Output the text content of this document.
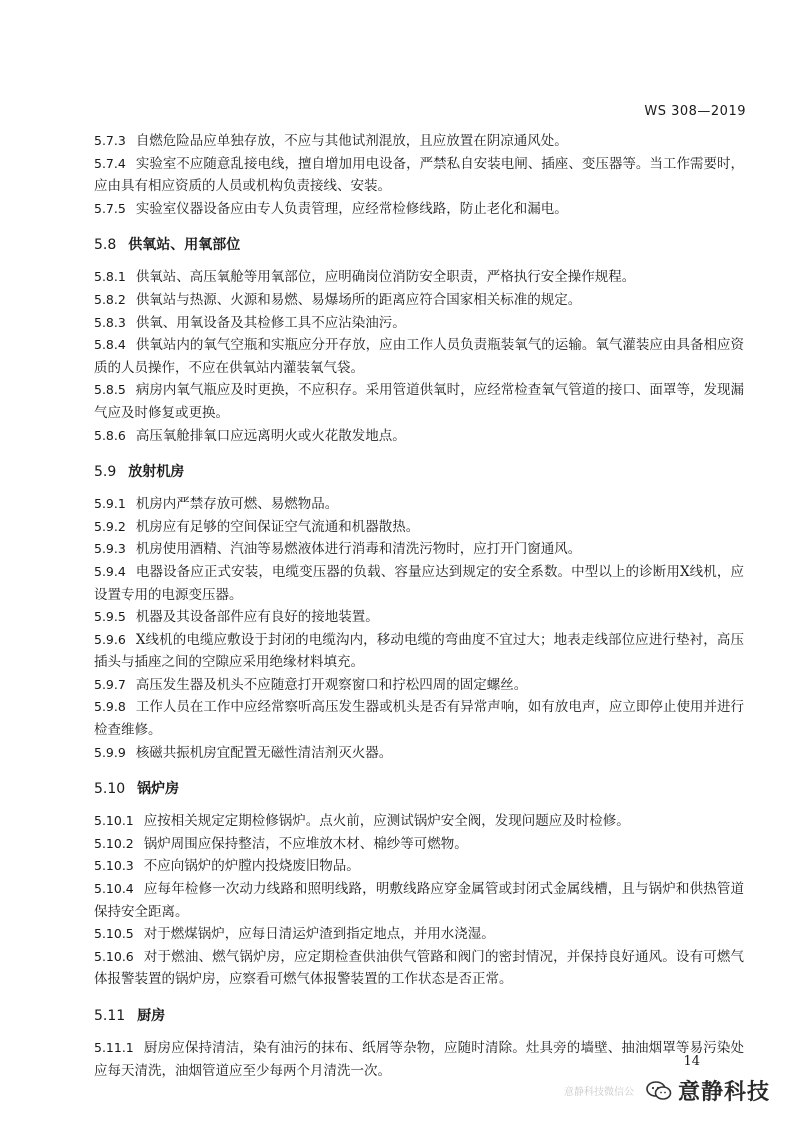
WS 308—2019

5.7.3 自燃危险品应单独存放，不应与其他试剂混放，且应放置在阴凉通风处。

5.7.4 实验室不应随意乱接电线，擅自增加用电设备，严禁私自安装电闸、插座、变压器等。当工作需要时，应由具有相应资质的人员或机构负责接线、安装。

5.7.5 实验室仪器设备应由专人负责管理，应经常检修线路，防止老化和漏电。

5.8 供氧站、用氧部位

5.8.1 供氧站、高压氧舱等用氧部位，应明确岗位消防安全职责，严格执行安全操作规程。

5.8.2 供氧站与热源、火源和易燃、易爆场所的距离应符合国家相关标准的规定。

5.8.3 供氧、用氧设备及其检修工具不应沾染油污。

5.8.4 供氧站内的氧气空瓶和实瓶应分开存放，应由工作人员负责瓶装氧气的运输。氧气灌装应由具备相应资质的人员操作，不应在供氧站内灌装氧气袋。

5.8.5 病房内氧气瓶应及时更换，不应积存。采用管道供氧时，应经常检查氧气管道的接口、面罩等，发现漏气应及时修复或更换。

5.8.6 高压氧舱排氧口应远离明火或火花散发地点。

5.9 放射机房

5.9.1 机房内严禁存放可燃、易燃物品。

5.9.2 机房应有足够的空间保证空气流通和机器散热。

5.9.3 机房使用酒精、汽油等易燃液体进行消毒和清洗污物时，应打开门窗通风。

5.9.4 电器设备应正式安装，电缆变压器的负载、容量应达到规定的安全系数。中型以上的诊断用X线机，应设置专用的电源变压器。

5.9.5 机器及其设备部件应有良好的接地装置。

5.9.6 X线机的电缆应敷设于封闭的电缆沟内，移动电缆的弯曲度不宜过大；地表走线部位应进行垫衬，高压插头与插座之间的空隙应采用绝缘材料填充。

5.9.7 高压发生器及机头不应随意打开观察窗口和拧松四周的固定螺丝。

5.9.8 工作人员在工作中应经常察听高压发生器或机头是否有异常声响，如有放电声，应立即停止使用并进行检查维修。

5.9.9 核磁共振机房宜配置无磁性清洁剂灭火器。

5.10 锅炉房

5.10.1 应按相关规定定期检修锅炉。点火前，应测试锅炉安全阀，发现问题应及时检修。

5.10.2 锅炉周围应保持整洁，不应堆放木材、棉纱等可燃物。

5.10.3 不应向锅炉的炉膛内投烧废旧物品。

5.10.4 应每年检修一次动力线路和照明线路，明敷线路应穿金属管或封闭式金属线槽，且与锅炉和供热管道保持安全距离。

5.10.5 对于燃煤锅炉，应每日清运炉渣到指定地点，并用水浇湿。

5.10.6 对于燃油、燃气锅炉房，应定期检查供油供气管路和阀门的密封情况，并保持良好通风。设有可燃气体报警装置的锅炉房，应察看可燃气体报警装置的工作状态是否正常。

5.11 厨房

5.11.1 厨房应保持清洁，染有油污的抹布、纸屑等杂物，应随时清除。灶具旁的墙壁、抽油烟罩等易污染处应每天清洗，油烟管道应至少每两个月清洗一次。

14
意静科技微信公 意静科技
